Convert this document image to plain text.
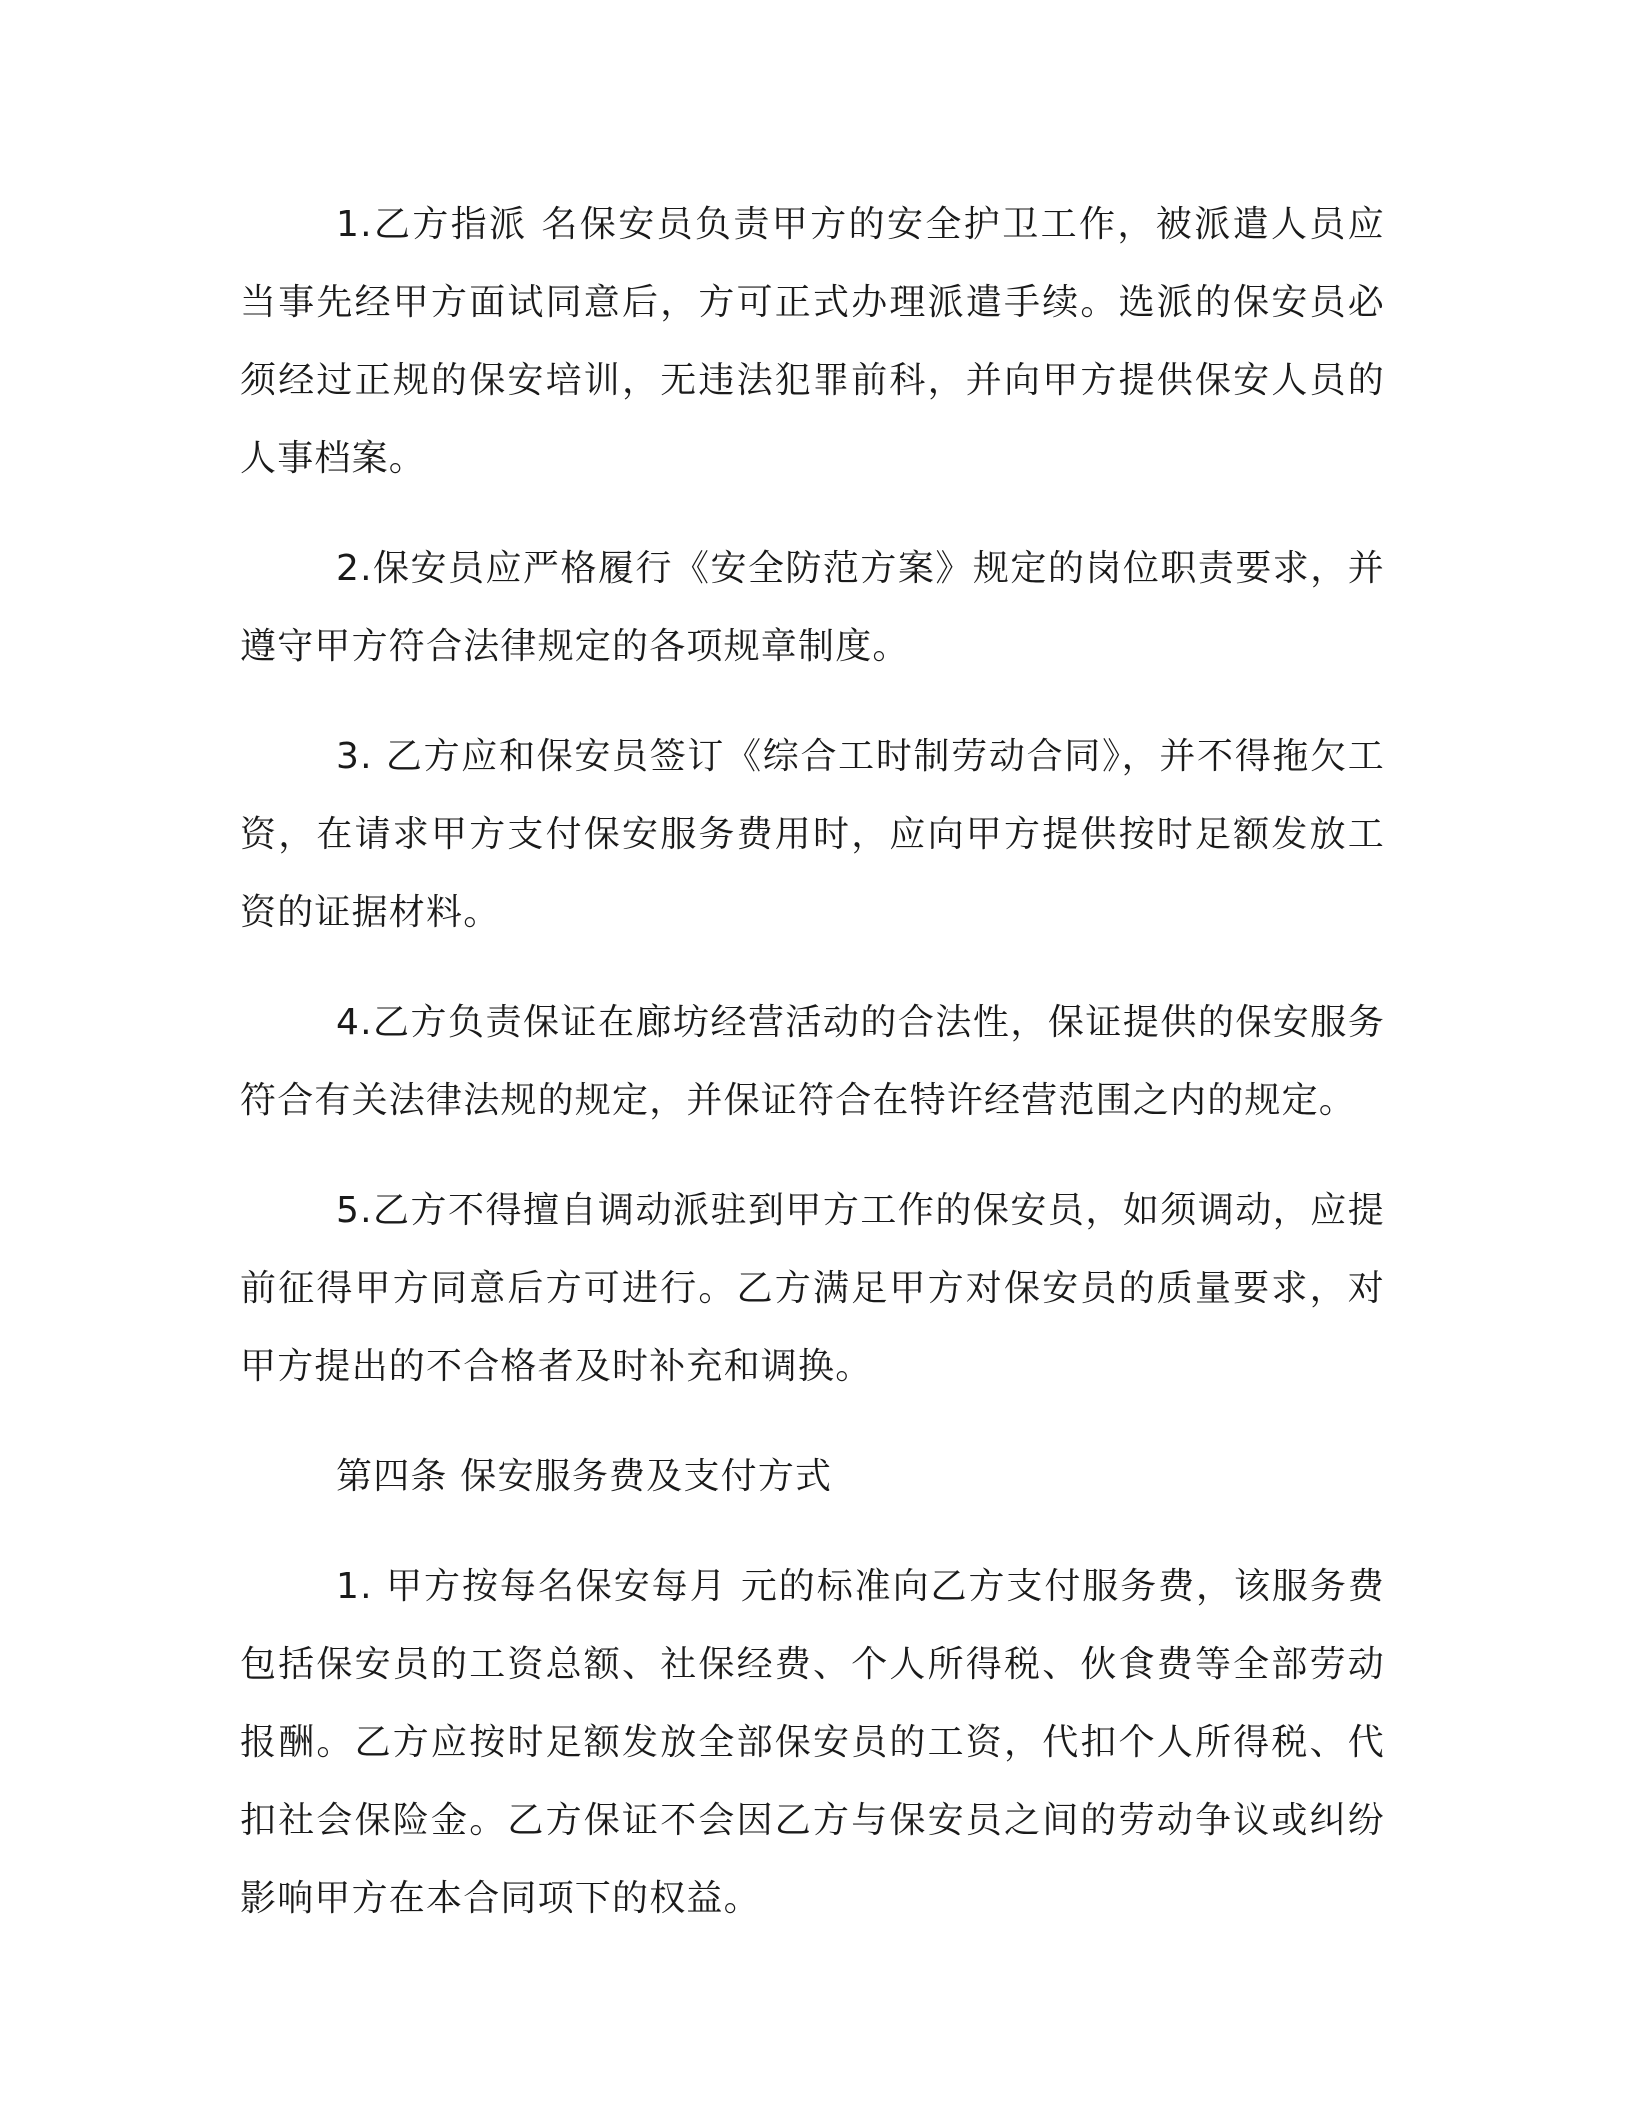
1.乙方指派 名保安员负责甲方的安全护卫工作，被派遣人员应当事先经甲方面试同意后，方可正式办理派遣手续。选派的保安员必须经过正规的保安培训，无违法犯罪前科，并向甲方提供保安人员的人事档案。

2.保安员应严格履行《安全防范方案》规定的岗位职责要求，并遵守甲方符合法律规定的各项规章制度。

3. 乙方应和保安员签订《综合工时制劳动合同》，并不得拖欠工资，在请求甲方支付保安服务费用时，应向甲方提供按时足额发放工资的证据材料。

4.乙方负责保证在廊坊经营活动的合法性，保证提供的保安服务符合有关法律法规的规定，并保证符合在特许经营范围之内的规定。

5.乙方不得擅自调动派驻到甲方工作的保安员，如须调动，应提前征得甲方同意后方可进行。乙方满足甲方对保安员的质量要求，对甲方提出的不合格者及时补充和调换。

第四条 保安服务费及支付方式

1. 甲方按每名保安每月 元的标准向乙方支付服务费，该服务费包括保安员的工资总额、社保经费、个人所得税、伙食费等全部劳动报酬。乙方应按时足额发放全部保安员的工资，代扣个人所得税、代扣社会保险金。乙方保证不会因乙方与保安员之间的劳动争议或纠纷影响甲方在本合同项下的权益。
